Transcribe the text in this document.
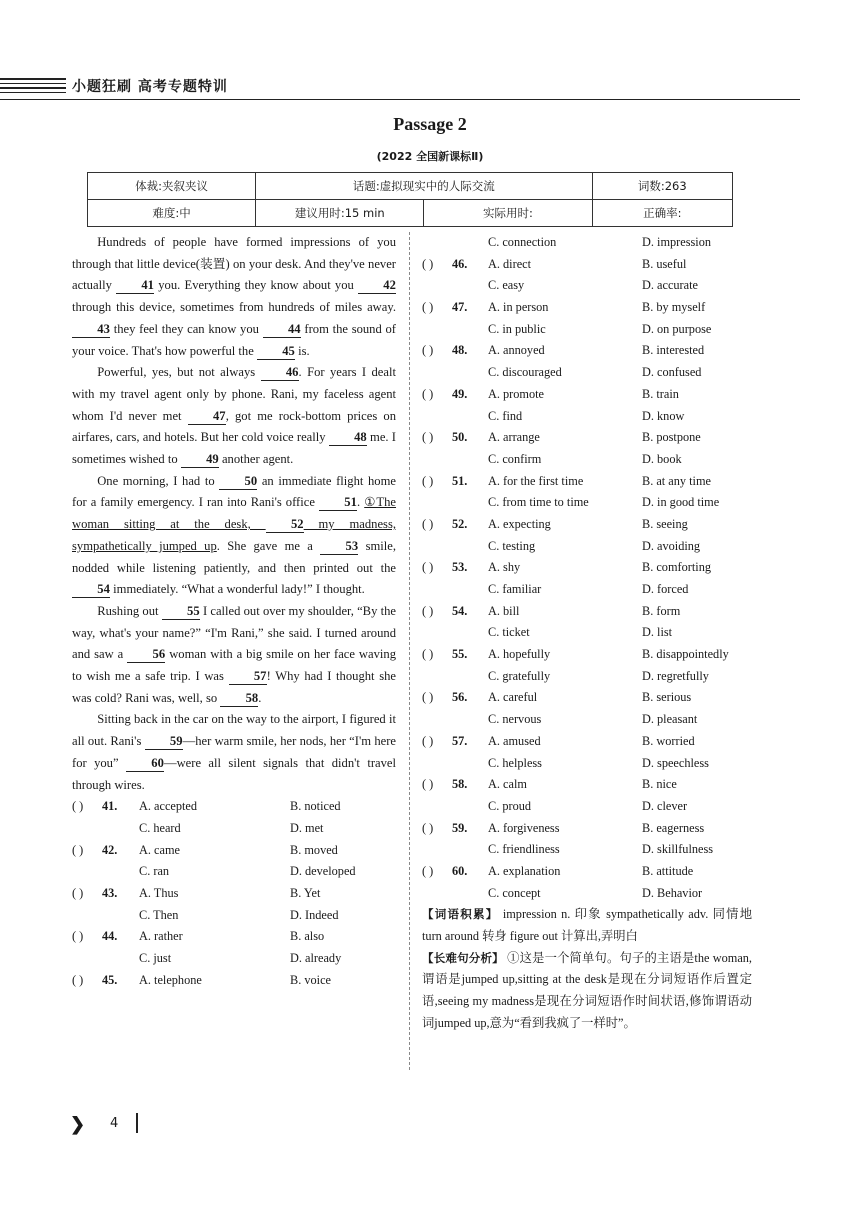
小题狂刷 高考专题特训
Passage 2
(2022 全国新课标Ⅱ)
体裁:夹叙夹议	话题:虚拟现实中的人际交流		词数:263
难度:中	建议用时:15 min	实际用时:	正确率:

Hundreds of people have formed impressions of you through that little device(装置) on your desk. And they've never actually 41 you. Everything they know about you 42 through this device, sometimes from hundreds of miles away. 43 they feel they can know you 44 from the sound of your voice. That's how powerful the 45 is.

Powerful, yes, but not always 46. For years I dealt with my travel agent only by phone. Rani, my faceless agent whom I'd never met 47, got me rock-bottom prices on airfares, cars, and hotels. But her cold voice really 48 me. I sometimes wished to 49 another agent.

One morning, I had to 50 an immediate flight home for a family emergency. I ran into Rani's office 51. ①The woman sitting at the desk, 52 my madness, sympathetically jumped up. She gave me a 53 smile, nodded while listening patiently, and then printed out the 54 immediately. “What a wonderful lady!” I thought.

Rushing out 55 I called out over my shoulder, “By the way, what's your name?” “I'm Rani,” she said. I turned around and saw a 56 woman with a big smile on her face waving to wish me a safe trip. I was 57! Why had I thought she was cold? Rani was, well, so 58.

Sitting back in the car on the way to the airport, I figured it all out. Rani's 59—her warm smile, her nods, her “I'm here for you” 60—were all silent signals that didn't travel through wires.

( ) 41. A. accepted	B. noticed
C. heard	D. met
( ) 42. A. came	B. moved
C. ran	D. developed
( ) 43. A. Thus	B. Yet
C. Then	D. Indeed
( ) 44. A. rather	B. also
C. just	D. already
( ) 45. A. telephone	B. voice
C. connection	D. impression
( ) 46. A. direct	B. useful
C. easy	D. accurate
( ) 47. A. in person	B. by myself
C. in public	D. on purpose
( ) 48. A. annoyed	B. interested
C. discouraged	D. confused
( ) 49. A. promote	B. train
C. find	D. know
( ) 50. A. arrange	B. postpone
C. confirm	D. book
( ) 51. A. for the first time	B. at any time
C. from time to time	D. in good time
( ) 52. A. expecting	B. seeing
C. testing	D. avoiding
( ) 53. A. shy	B. comforting
C. familiar	D. forced
( ) 54. A. bill	B. form
C. ticket	D. list
( ) 55. A. hopefully	B. disappointedly
C. gratefully	D. regretfully
( ) 56. A. careful	B. serious
C. nervous	D. pleasant
( ) 57. A. amused	B. worried
C. helpless	D. speechless
( ) 58. A. calm	B. nice
C. proud	D. clever
( ) 59. A. forgiveness	B. eagerness
C. friendliness	D. skillfulness
( ) 60. A. explanation	B. attitude
C. concept	D. Behavior

【词语积累】 impression n. 印象 sympathetically adv. 同情地 turn around 转身 figure out 计算出,弄明白

【长难句分析】 ①这是一个简单句。句子的主语是the woman,谓语是jumped up,sitting at the desk是现在分词短语作后置定语,seeing my madness是现在分词短语作时间状语,修饰谓语动词jumped up,意为“看到我疯了一样时”。

❯ 4
